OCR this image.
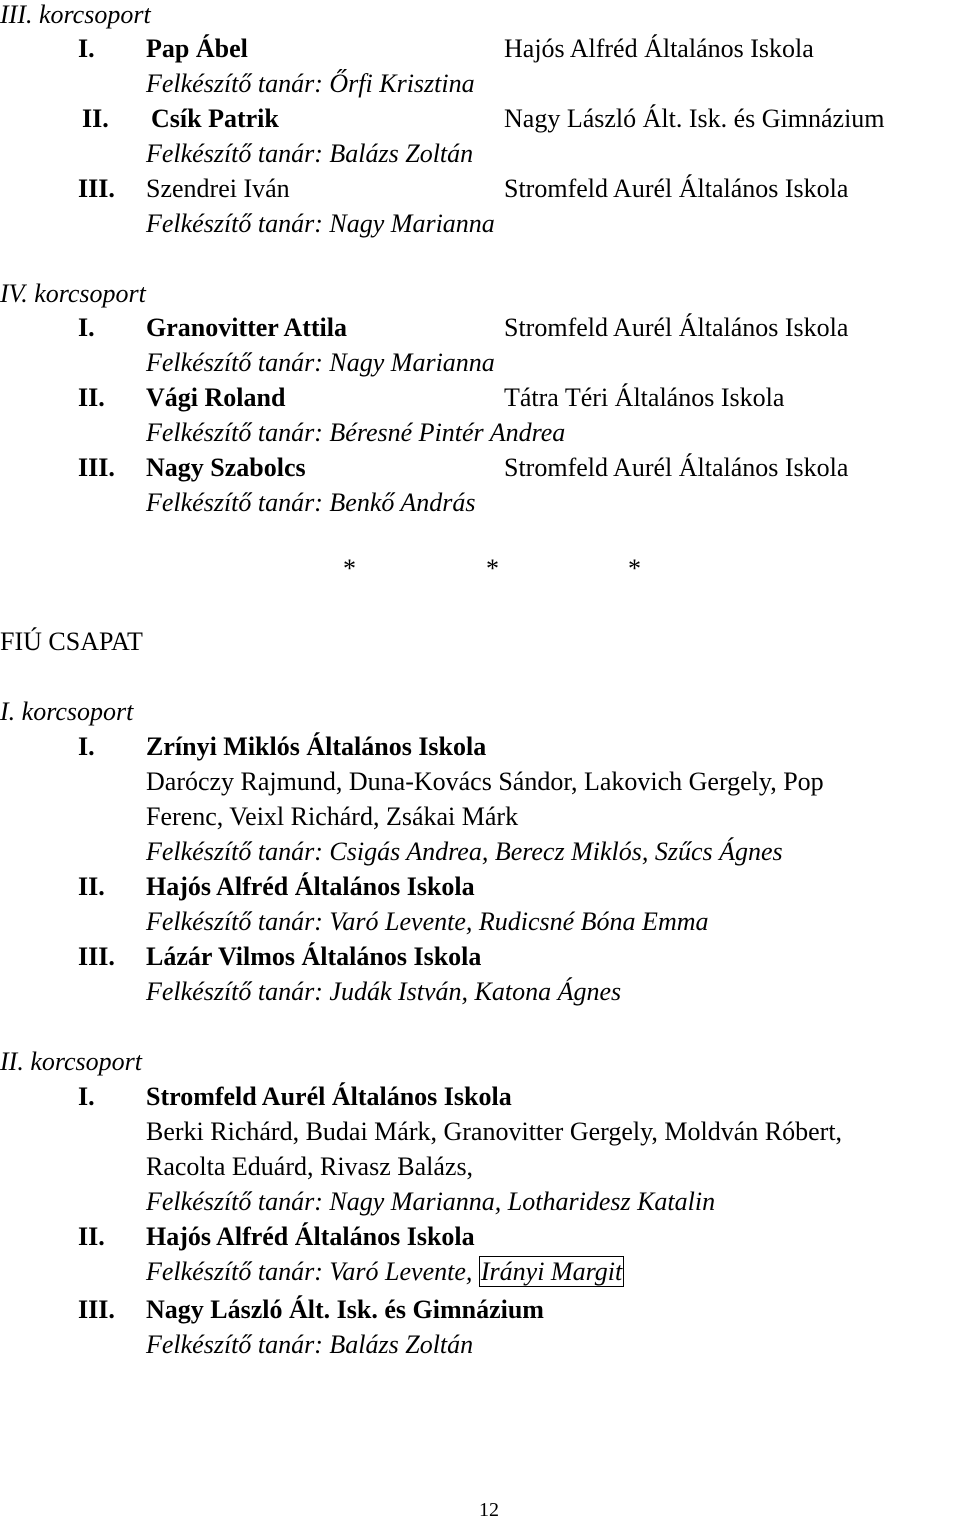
III. korcsoport
I. Pap Ábel	Hajós Alfréd Általános Iskola
Felkészítő tanár: Őrfi Krisztina
II. Csík Patrik	Nagy László Ált. Isk. és Gimnázium
Felkészítő tanár: Balázs Zoltán
III. Szendrei Iván	Stromfeld Aurél Általános Iskola
Felkészítő tanár: Nagy Marianna
IV. korcsoport
I. Granovitter Attila	Stromfeld Aurél Általános Iskola
Felkészítő tanár: Nagy Marianna
II. Vági Roland	Tátra Téri Általános Iskola
Felkészítő tanár: Béresné Pintér Andrea
III. Nagy Szabolcs	Stromfeld Aurél Általános Iskola
Felkészítő tanár: Benkő András
*	*	*
FIÚ CSAPAT
I. korcsoport
I. Zrínyi Miklós Általános Iskola
Daróczy Rajmund, Duna-Kovács Sándor, Lakovich Gergely, Pop
Ferenc, Veixl Richárd, Zsákai Márk
Felkészítő tanár: Csigás Andrea, Berecz Miklós, Szűcs Ágnes
II. Hajós Alfréd Általános Iskola
Felkészítő tanár: Varó Levente, Rudicsné Bóna Emma
III. Lázár Vilmos Általános Iskola
Felkészítő tanár: Judák István, Katona Ágnes
II. korcsoport
I. Stromfeld Aurél Általános Iskola
Berki Richárd, Budai Márk, Granovitter Gergely, Moldván Róbert,
Racolta Eduárd, Rivasz Balázs,
Felkészítő tanár: Nagy Marianna, Lotharidesz Katalin
II. Hajós Alfréd Általános Iskola
Felkészítő tanár: Varó Levente, Irányi Margit
III. Nagy László Ált. Isk. és Gimnázium
Felkészítő tanár: Balázs Zoltán
12
